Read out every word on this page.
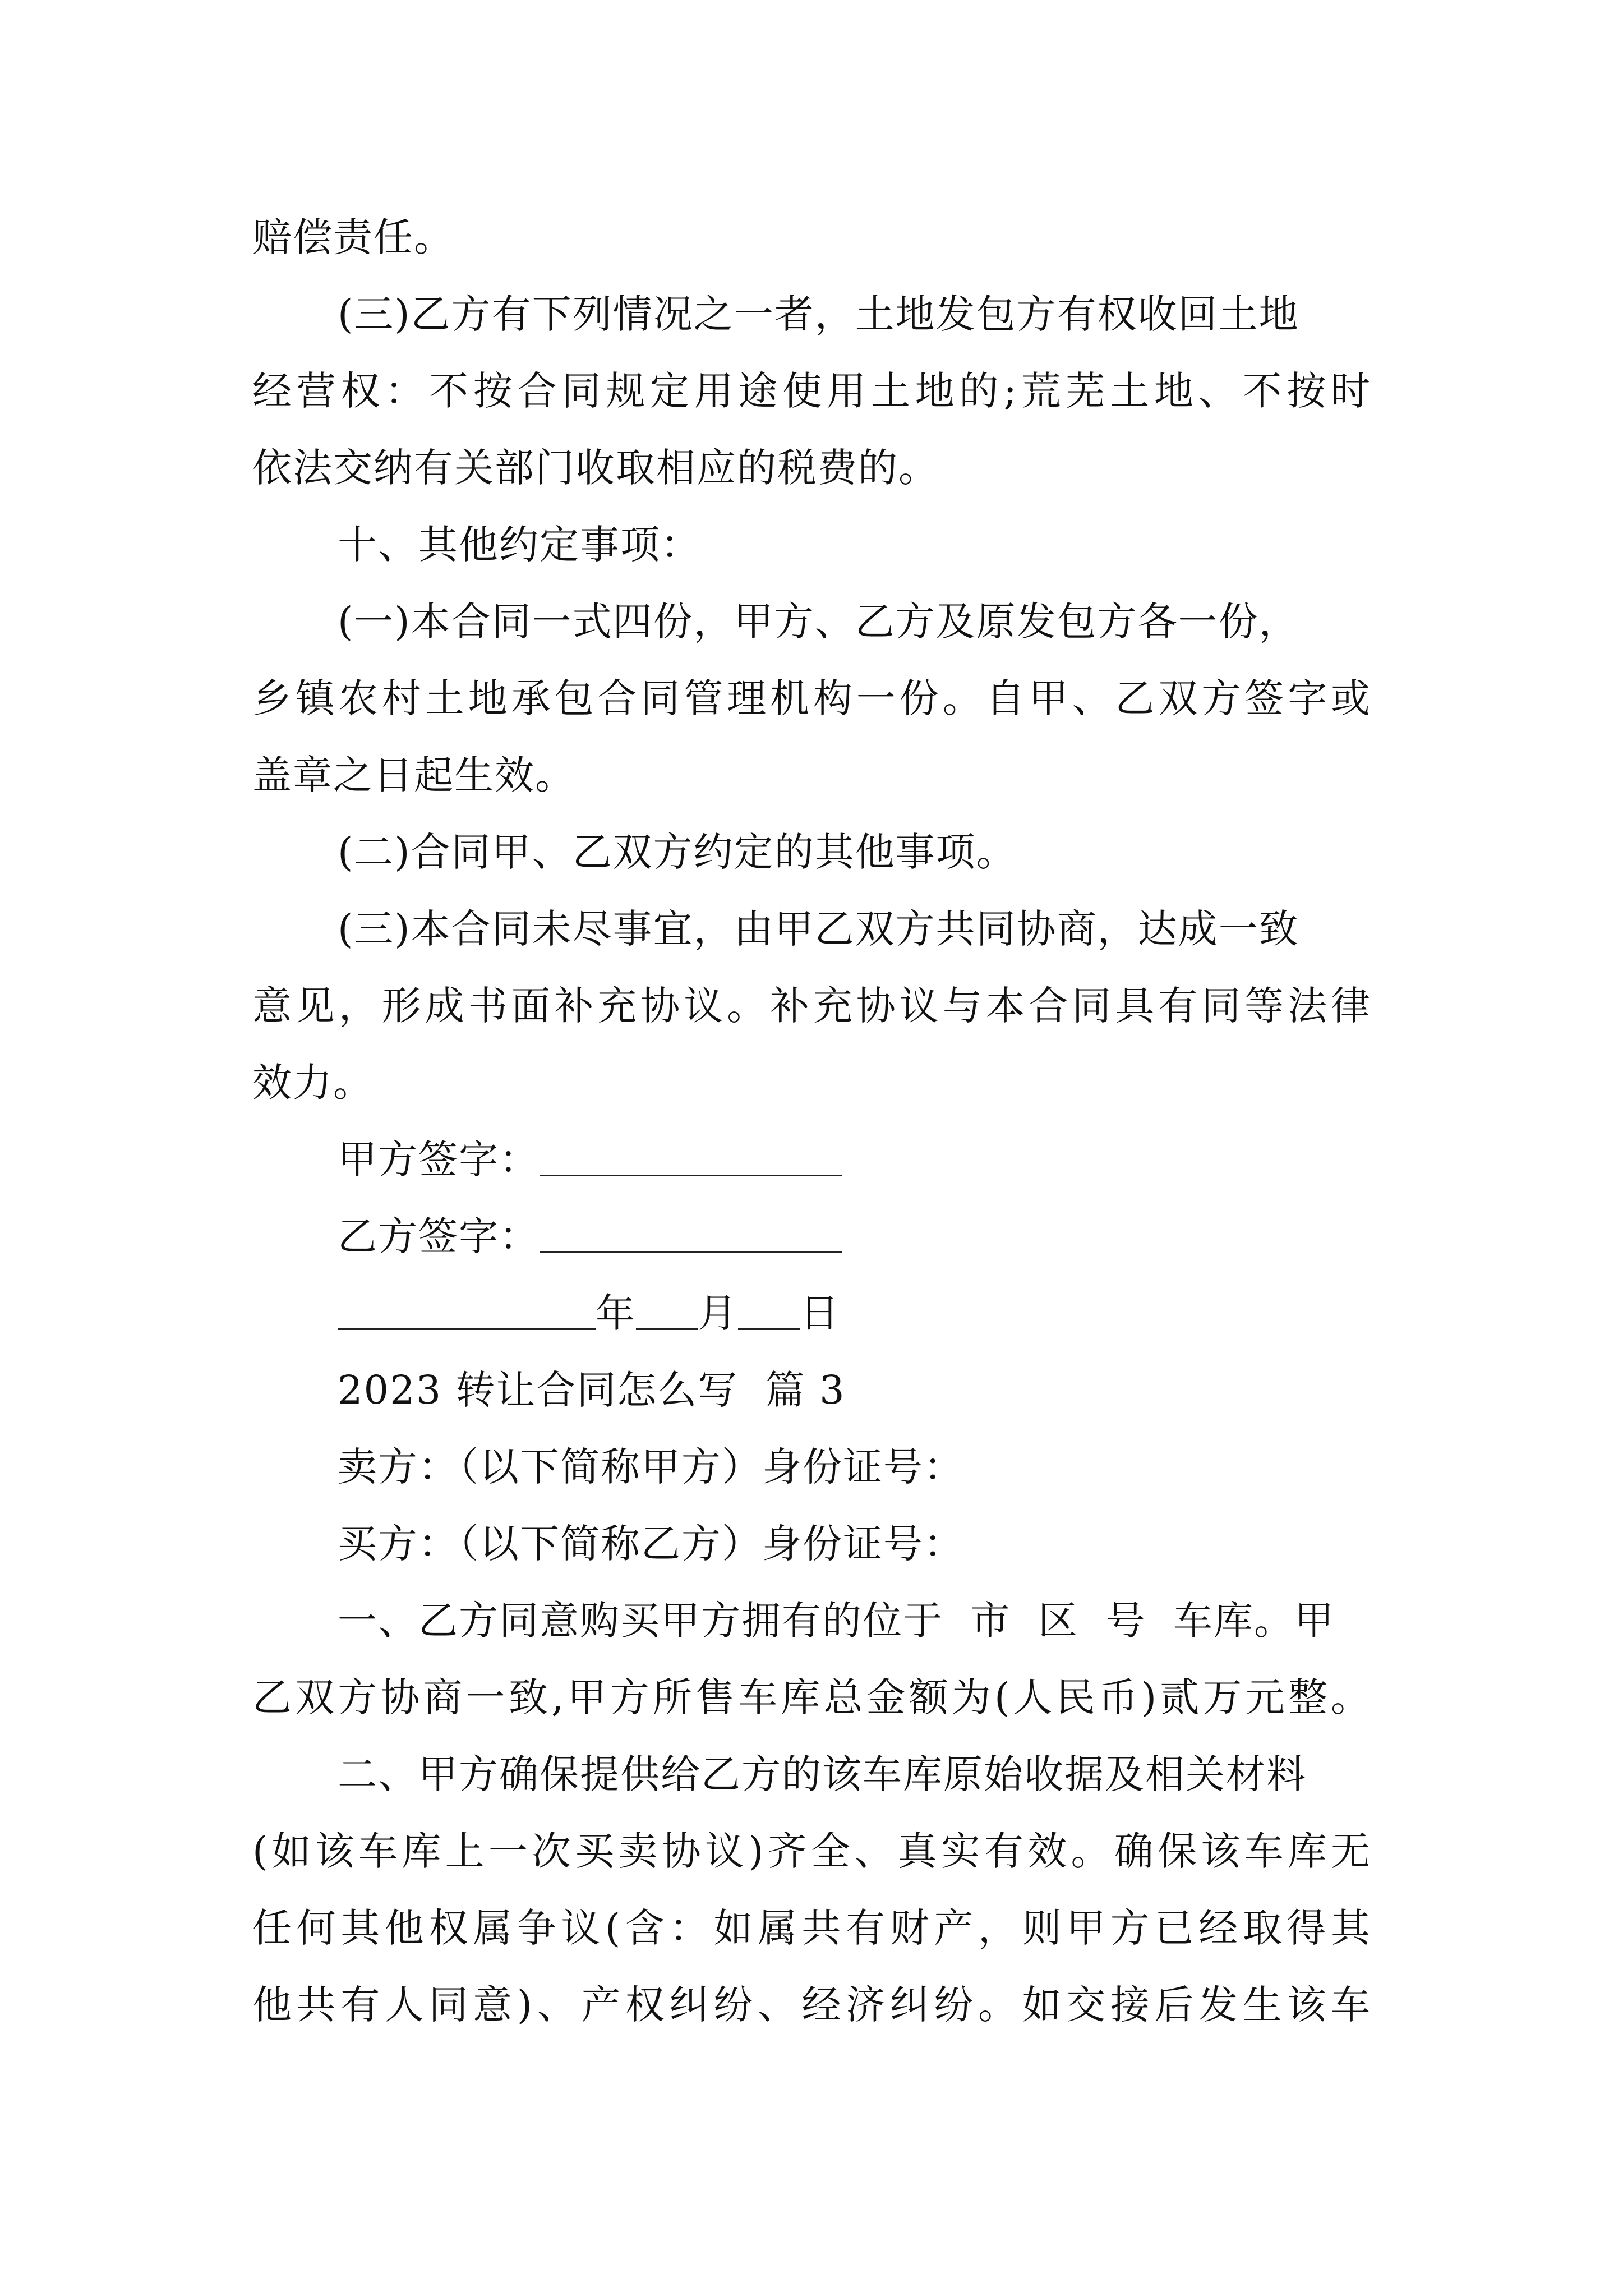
赔偿责任。
(三)乙方有下列情况之一者，土地发包方有权收回土地
经营权：不按合同规定用途使用土地的;荒芜土地、不按时
依法交纳有关部门收取相应的税费的。
十、其他约定事项：
(一)本合同一式四份，甲方、乙方及原发包方各一份，
乡镇农村土地承包合同管理机构一份。自甲、乙双方签字或
盖章之日起生效。
(二)合同甲、乙双方约定的其他事项。
(三)本合同未尽事宜，由甲乙双方共同协商，达成一致
意见，形成书面补充协议。补充协议与本合同具有同等法律
效力。
甲方签字：
乙方签字：
年 月 日
2023 转让合同怎么写  篇 3
卖方：（以下简称甲方）身份证号：
买方：（以下简称乙方）身份证号：
一、乙方同意购买甲方拥有的位于  市  区  号  车库。甲
乙双方协商一致,甲方所售车库总金额为(人民币)贰万元整。
二、甲方确保提供给乙方的该车库原始收据及相关材料
(如该车库上一次买卖协议)齐全、真实有效。确保该车库无
任何其他权属争议(含：如属共有财产，则甲方已经取得其
他共有人同意)、产权纠纷、经济纠纷。如交接后发生该车
